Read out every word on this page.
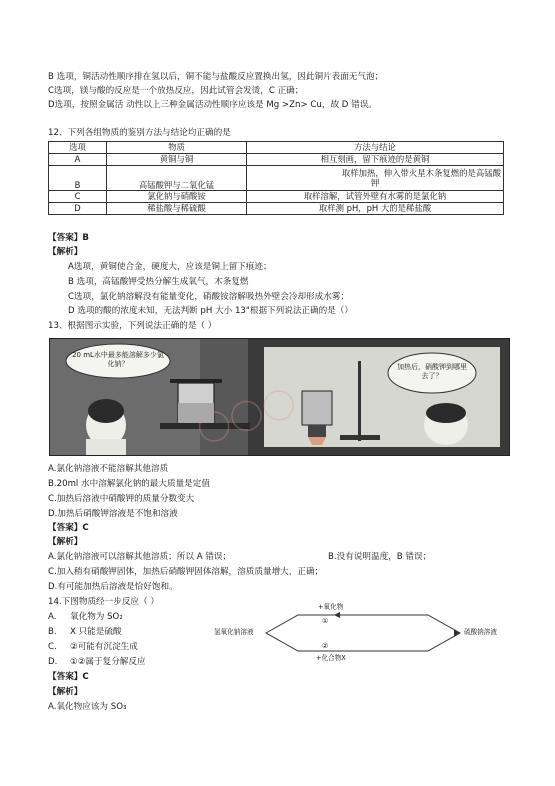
B 选项，铜活动性顺序排在氢以后，铜不能与盐酸反应置换出氢，因此铜片表面无气泡；
C选项，镁与酸的反应是一个放热反应，因此试管会发烫，C 正确；
D选项，按照金属活 动性以上三种金属活动性顺序应该是 Mg >Zn> Cu，故 D 错误。
12、下列各组物质的鉴别方法与结论均正确的是
选项	物质	方法与结论
A	黄铜与铜	相互刻画，留下痕迹的是黄铜
B	高锰酸钾与二氧化锰	取样加热，伸入带火星木条复燃的是高锰酸
钾

C	氯化钠与硝酸铵	取样溶解，试管外壁有水雾的是氯化钠
D	稀盐酸与稀硫酸	取样测 pH，pH 大的是稀盐酸
【答案】B
【解析】
A选项，黄铜使合金，硬度大，应该是铜上留下痕迹；
B 选项，高锰酸钾受热分解生成氧气，木条复燃
C选项，氯化钠溶解没有能量变化，硝酸铵溶解吸热外壁会冷却形成水雾；
D 选项的酸的浓度未知，无法判断 pH 大小 13"根据下列说法正确的是（）
13、根据图示实验，下列说法正确的是（ ）
20 mL水中最多能溶解多少氯化钠？	加热后，硝酸钾到哪里去了？
〇〇〇
A.氯化钠溶液不能溶解其他溶质
B.20ml 水中溶解氯化钠的最大质量是定值
C.加热后溶液中硝酸钾的质量分数变大
D.加热后硝酸钾溶液是不饱和溶液
【答案】C
【解析】
A.氯化钠溶液可以溶解其他溶质；所以 A 错误；	B.没有说明温度，B 错误；
C.加入稍有硝酸钾固体，加热后硝酸钾固体溶解，溶质质量增大，正确；
D.有可能加热后溶液是恰好饱和。
14.下图物质经一步反应（ ）
A. 氧化物为 SO₂
B. X 只能是硫酸
C. ②可能有沉淀生成
D. ①②属于复分解反应
【答案】C
【解析】
A.氧化物应该为 SO₃
氢氧化钠溶液	硫酸钠溶液
+氧化物
①
②
+化合物X
